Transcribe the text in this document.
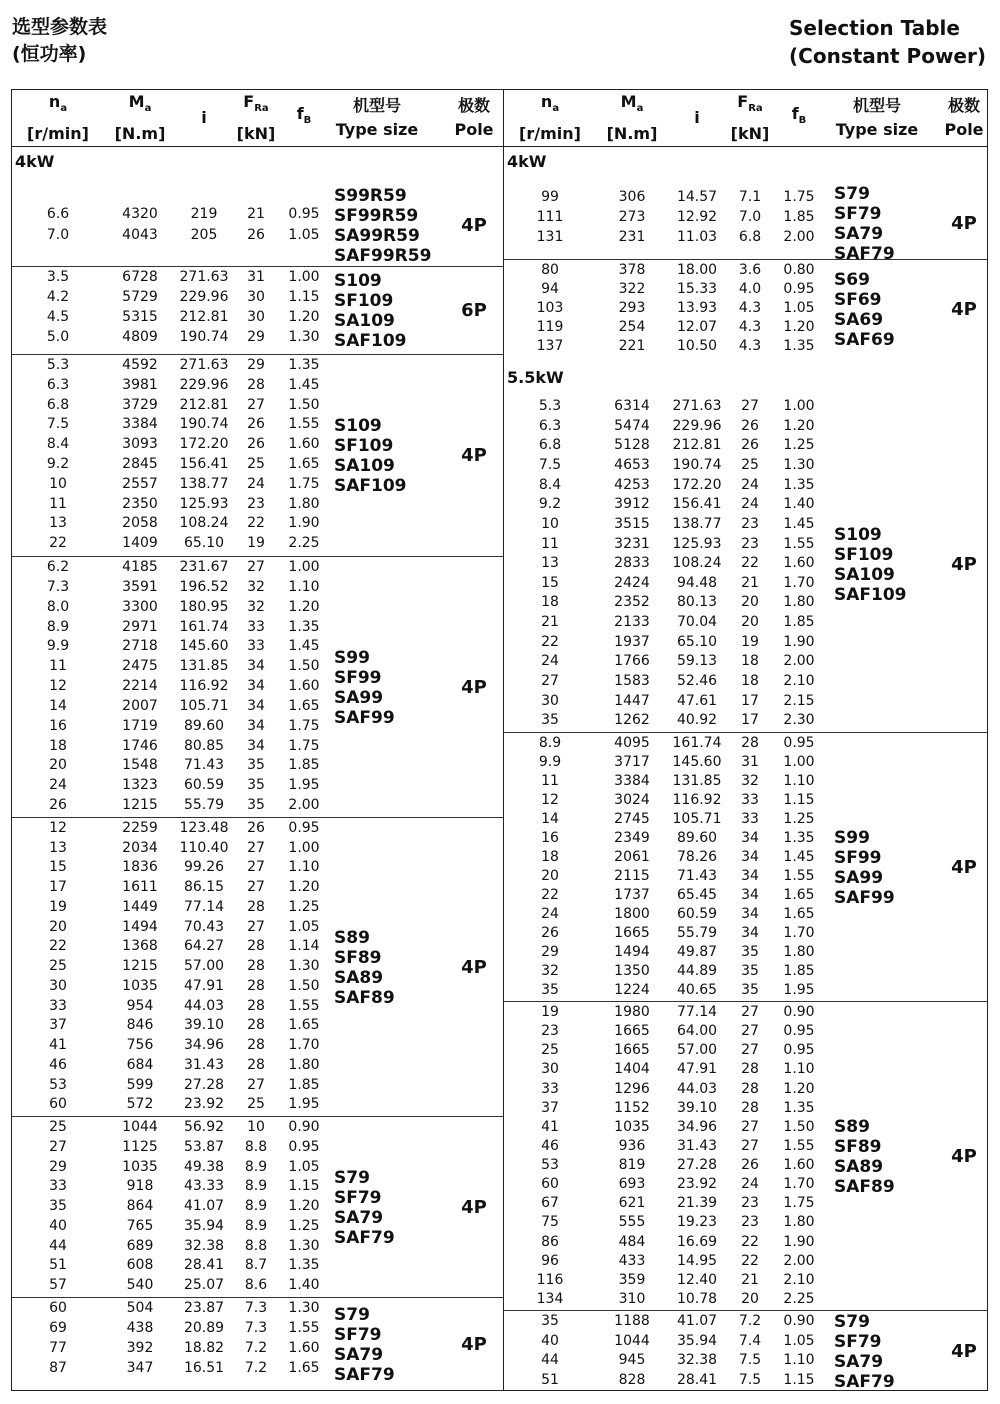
选型参数表
(恒功率)
Selection Table
(Constant Power)
$n_a$
[r/min]
$M_a$
[N.m]
i
$F_{Ra}$
[kN]
$f_B$
机型号
Type size
极数
Pole
4kW
6.6	4320	219	21	0.95
7.0	4043	205	26	1.05
S99R59
SF99R59
SA99R59
SAF99R59
4P
3.5	6728	271.63	31	1.00
4.2	5729	229.96	30	1.15
4.5	5315	212.81	30	1.20
5.0	4809	190.74	29	1.30
S109
SF109
SA109
SAF109
6P
5.3	4592	271.63	29	1.35
6.3	3981	229.96	28	1.45
6.8	3729	212.81	27	1.50
7.5	3384	190.74	26	1.55
8.4	3093	172.20	26	1.60
9.2	2845	156.41	25	1.65
10	2557	138.77	24	1.75
11	2350	125.93	23	1.80
13	2058	108.24	22	1.90
22	1409	65.10	19	2.25
S109
SF109
SA109
SAF109
4P
6.2	4185	231.67	27	1.00
7.3	3591	196.52	32	1.10
8.0	3300	180.95	32	1.20
8.9	2971	161.74	33	1.35
9.9	2718	145.60	33	1.45
11	2475	131.85	34	1.50
12	2214	116.92	34	1.60
14	2007	105.71	34	1.65
16	1719	89.60	34	1.75
18	1746	80.85	34	1.75
20	1548	71.43	35	1.85
24	1323	60.59	35	1.95
26	1215	55.79	35	2.00
S99
SF99
SA99
SAF99
4P
12	2259	123.48	26	0.95
13	2034	110.40	27	1.00
15	1836	99.26	27	1.10
17	1611	86.15	27	1.20
19	1449	77.14	28	1.25
20	1494	70.43	27	1.05
22	1368	64.27	28	1.14
25	1215	57.00	28	1.30
30	1035	47.91	28	1.50
33	954	44.03	28	1.55
37	846	39.10	28	1.65
41	756	34.96	28	1.70
46	684	31.43	28	1.80
53	599	27.28	27	1.85
60	572	23.92	25	1.95
S89
SF89
SA89
SAF89
4P
25	1044	56.92	10	0.90
27	1125	53.87	8.8	0.95
29	1035	49.38	8.9	1.05
33	918	43.33	8.9	1.15
35	864	41.07	8.9	1.20
40	765	35.94	8.9	1.25
44	689	32.38	8.8	1.30
51	608	28.41	8.7	1.35
57	540	25.07	8.6	1.40
S79
SF79
SA79
SAF79
4P
60	504	23.87	7.3	1.30
69	438	20.89	7.3	1.55
77	392	18.82	7.2	1.60
87	347	16.51	7.2	1.65
S79
SF79
SA79
SAF79
4P
$n_a$
[r/min]
$M_a$
[N.m]
i
$F_{Ra}$
[kN]
$f_B$
机型号
Type size
极数
Pole
4kW
5.5kW
99	306	14.57	7.1	1.75
111	273	12.92	7.0	1.85
131	231	11.03	6.8	2.00
S79
SF79
SA79
SAF79
4P
80	378	18.00	3.6	0.80
94	322	15.33	4.0	0.95
103	293	13.93	4.3	1.05
119	254	12.07	4.3	1.20
137	221	10.50	4.3	1.35
S69
SF69
SA69
SAF69
4P
5.3	6314	271.63	27	1.00
6.3	5474	229.96	26	1.20
6.8	5128	212.81	26	1.25
7.5	4653	190.74	25	1.30
8.4	4253	172.20	24	1.35
9.2	3912	156.41	24	1.40
10	3515	138.77	23	1.45
11	3231	125.93	23	1.55
13	2833	108.24	22	1.60
15	2424	94.48	21	1.70
18	2352	80.13	20	1.80
21	2133	70.04	20	1.85
22	1937	65.10	19	1.90
24	1766	59.13	18	2.00
27	1583	52.46	18	2.10
30	1447	47.61	17	2.15
35	1262	40.92	17	2.30
S109
SF109
SA109
SAF109
4P
8.9	4095	161.74	28	0.95
9.9	3717	145.60	31	1.00
11	3384	131.85	32	1.10
12	3024	116.92	33	1.15
14	2745	105.71	33	1.25
16	2349	89.60	34	1.35
18	2061	78.26	34	1.45
20	2115	71.43	34	1.55
22	1737	65.45	34	1.65
24	1800	60.59	34	1.65
26	1665	55.79	34	1.70
29	1494	49.87	35	1.80
32	1350	44.89	35	1.85
35	1224	40.65	35	1.95
S99
SF99
SA99
SAF99
4P
19	1980	77.14	27	0.90
23	1665	64.00	27	0.95
25	1665	57.00	27	0.95
30	1404	47.91	28	1.10
33	1296	44.03	28	1.20
37	1152	39.10	28	1.35
41	1035	34.96	27	1.50
46	936	31.43	27	1.55
53	819	27.28	26	1.60
60	693	23.92	24	1.70
67	621	21.39	23	1.75
75	555	19.23	23	1.80
86	484	16.69	22	1.90
96	433	14.95	22	2.00
116	359	12.40	21	2.10
134	310	10.78	20	2.25
S89
SF89
SA89
SAF89
4P
35	1188	41.07	7.2	0.90
40	1044	35.94	7.4	1.05
44	945	32.38	7.5	1.10
51	828	28.41	7.5	1.15
S79
SF79
SA79
SAF79
4P
